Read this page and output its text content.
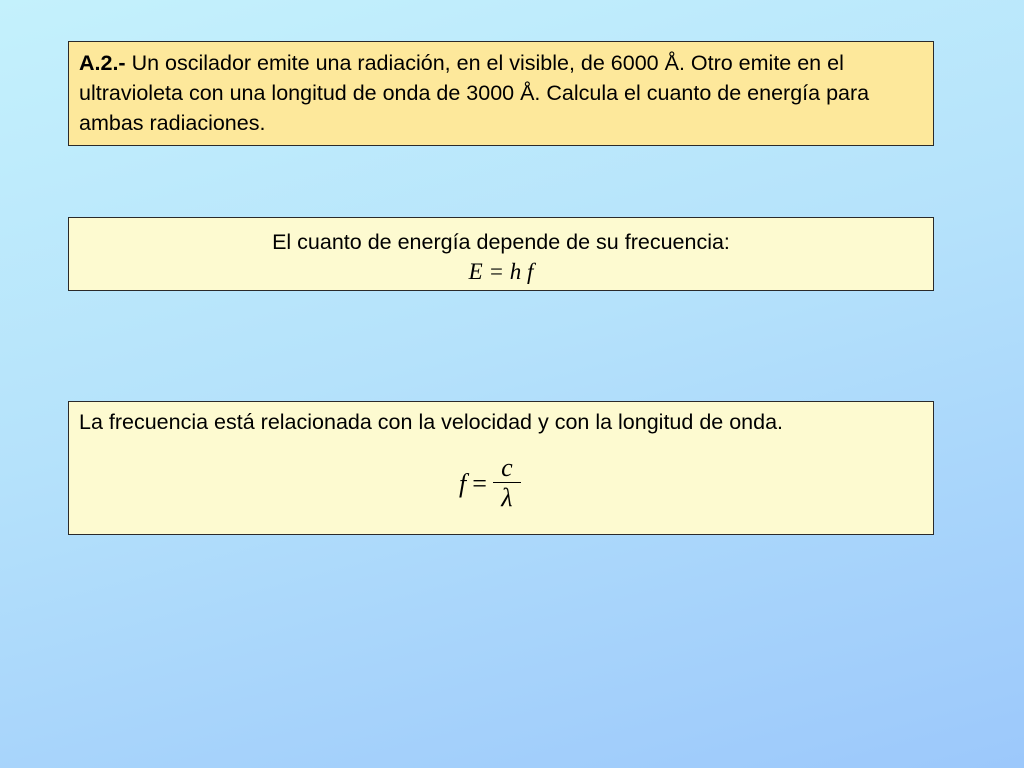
A.2.- Un oscilador emite una radiación, en el visible, de 6000 Å. Otro emite en el ultravioleta con una longitud de onda de 3000 Å. Calcula el cuanto de energía para ambas radiaciones.
El cuanto de energía depende de su frecuencia:
E = h f
La frecuencia está relacionada con la velocidad y con la longitud de onda.
$f = \frac{c}{\lambda}$
